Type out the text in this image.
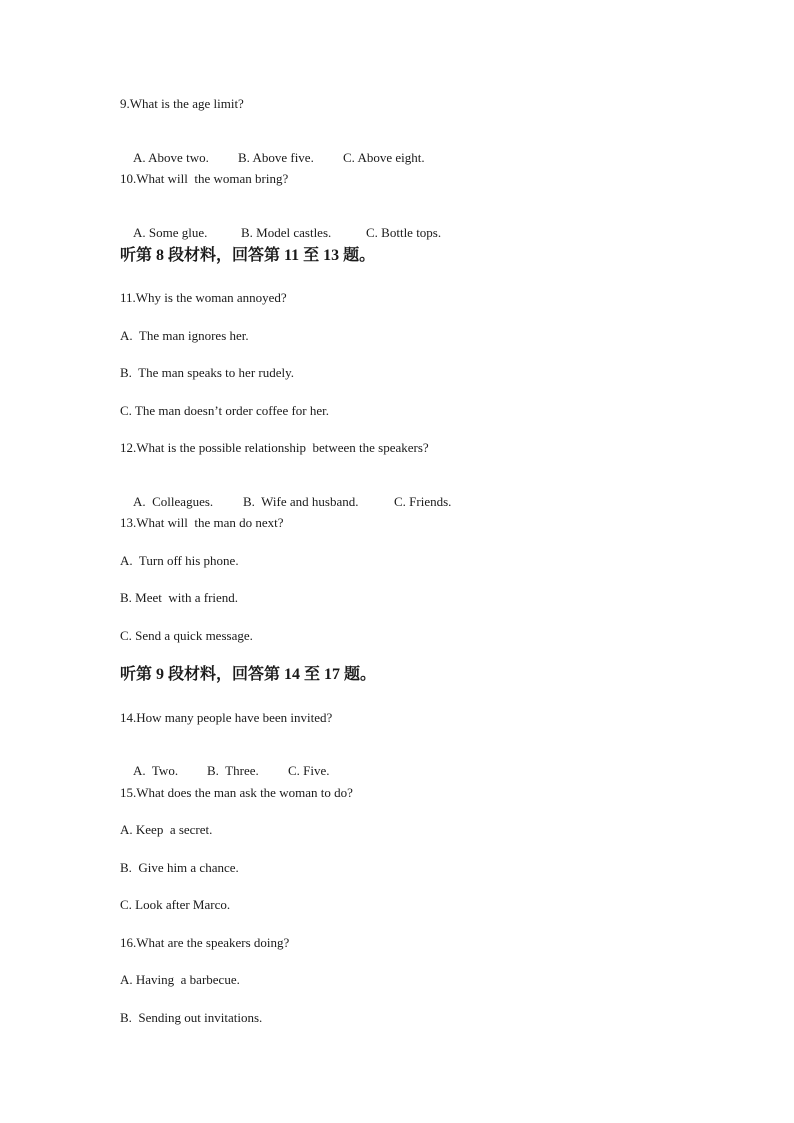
9.What is the age limit?

A. Above two. B. Above five. C. Above eight.

10.What will  the woman bring?

A. Some glue.	B. Model castles.	C. Bottle tops.

听第 8 段材料，回答第 11 至 13 题。
11.Why is the woman annoyed?
A.  The man ignores her.
B.  The man speaks to her rudely.
C. The man doesn’t order coffee for her.
12.What is the possible relationship  between the speakers?

A.  Colleagues. B.  Wife and husband.	C. Friends.

13.What will  the man do next?
A.  Turn off his phone.
B. Meet  with a friend.
C. Send a quick message.
听第 9 段材料，回答第 14 至 17 题。
14.How many people have been invited?

A.  Two. B.  Three. C. Five.

15.What does the man ask the woman to do?
A. Keep  a secret.
B.  Give him a chance.
C. Look after Marco.
16.What are the speakers doing?
A. Having  a barbecue.
B.  Sending out invitations.
